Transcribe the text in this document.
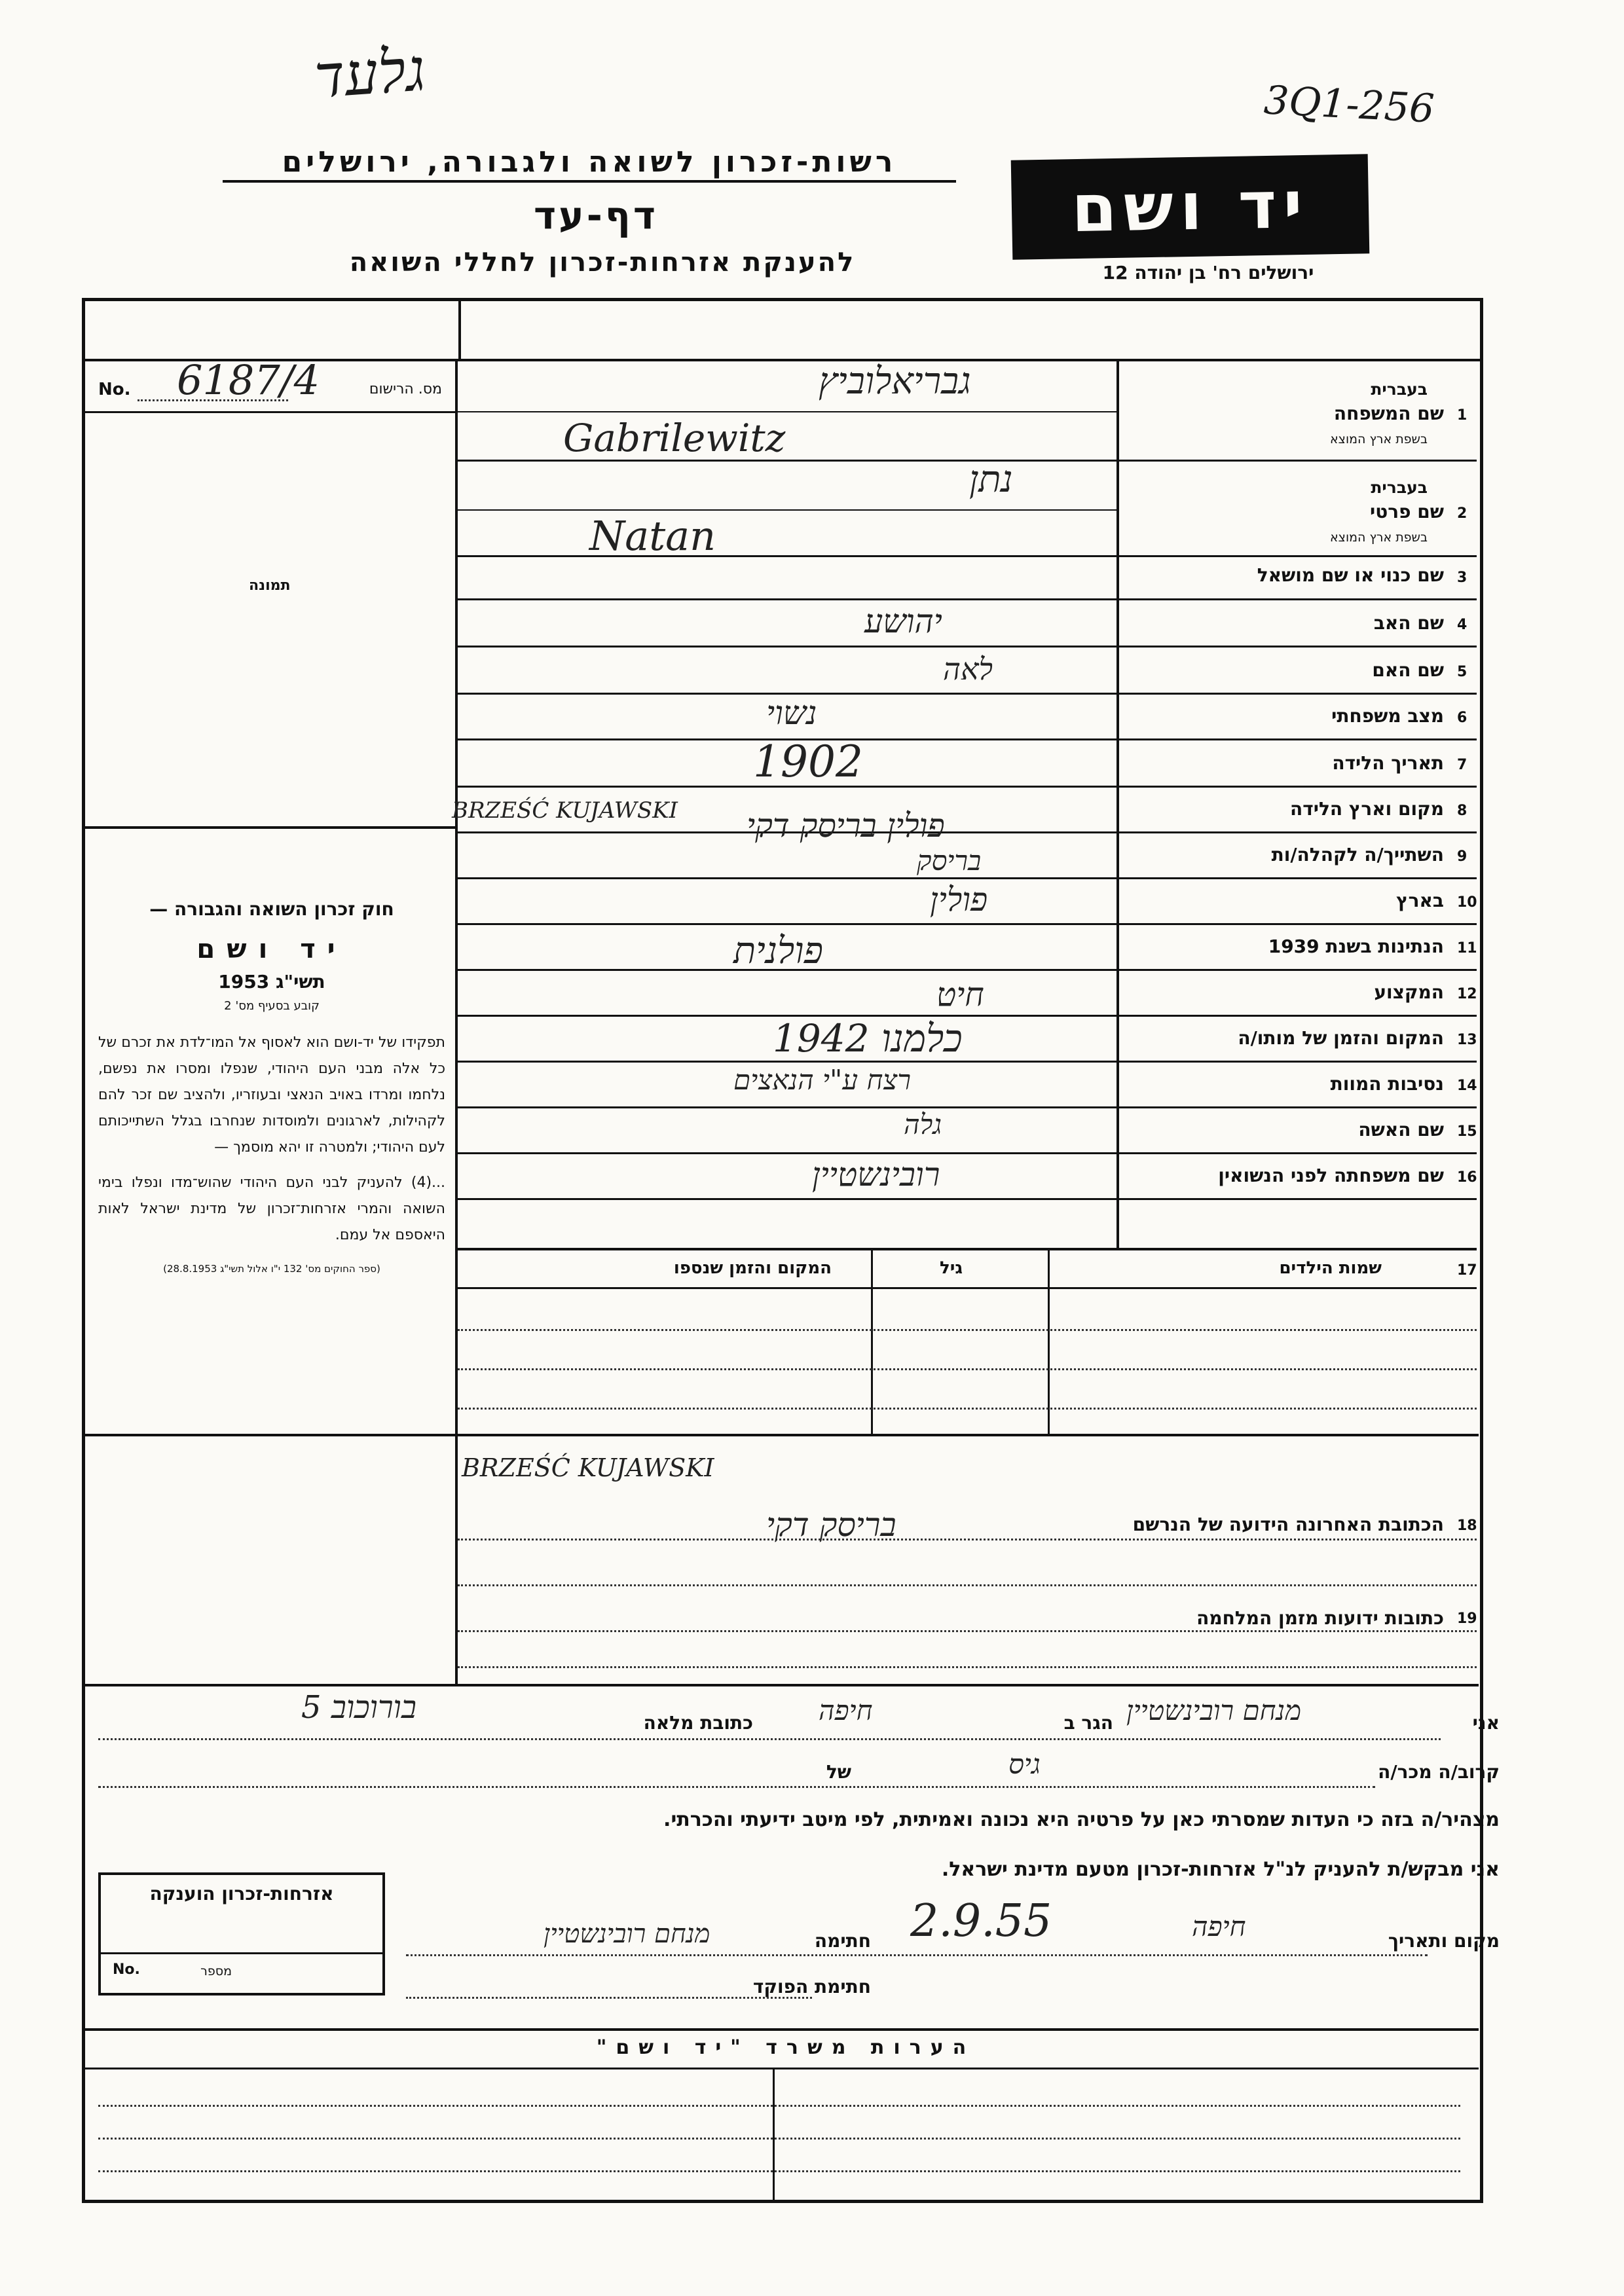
גלעד	3Q1-256
רשות-זכרון לשואה ולגבורה, ירושלים
דף-עד
להענקת אזרחות-זכרון לחללי השואה
יד ושם
ירושלים רח' בן יהודה 12
No.	מס. הרישום
6187/4
תמונה
חוק זכרון השואה והגבורה —
יד ושם
תשי"ג 1953
קובע בסעיף מס' 2
תפקידו של יד-ושם הוא לאסוף אל המו־לדת את זכרם של כל אלה מבני העם היהודי, שנפלו ומסרו את נפשם, נלחמו ומרדו באויב הנאצי ובעוזריו, ולהציב שם זכר להם לקהילות, לארגונים ולמוסדות שנחרבו בגלל השתייכותם לעם היהודי; ולמטרה זו יהא מוסמך —
...(4) להעניק לבני העם היהודי שהוש־מדו ונפלו בימי השואה והמרי אזרחות־זכרון של מדינת ישראל לאות היאספם אל עמם.
(ספר החוקים מס' 132 י"ו אלול תשי"ג 28.8.1953)
1
שם המשפחה
בעברית
בשפת ארץ המוצא
גבריאלוביץ
Gabrilewitz
2
שם פרטי
בעברית
בשפת ארץ המוצא
נתן
Natan
3
שם כנוי או שם מושאל
4
שם האב
יהושע
5
שם האם
לאה
6
מצב משפחתי
נשוי
7
תאריך הלידה
1902
8
מקום וארץ הלידה
BRZEŚĆ KUJAWSKI פולין בריסק דקי
9
השתייך/ה לקהלה/ות
בריסק
10
בארץ
פולין
11
הנתינות בשנת 1939
פולנית
12
המקצוע
חיט
13
המקום והזמן של מותו/ה
כלמנו 1942
14
נסיבות המוות
רצח ע"י הנאצים
15
שם האשה
גלה
16
שם משפחתה לפני הנשואין
רובינשטיין
17
שמות הילדים
גיל
המקום והזמן שנספו
18
הכתובת האחרונה הידועה של הנרשם
BRZEŚĆ KUJAWSKI
בריסק דקי
19
כתובות ידועות מזמן המלחמה
אני
מנחם רובינשטיין
הגר ב
חיפה
כתובת מלאה
בורוכוב 5
קרוב/ה מכר/ה
גיס
של
מצהיר/ה בזה כי העדות שמסרתי כאן על פרטיה היא נכונה ואמיתית, לפי מיטב ידיעתי והכרתי.
אני מבקש/ת להעניק לנ"ל אזרחות-זכרון מטעם מדינת ישראל.
מקום ותאריך
חיפה
2.9.55
חתימה
מנחם רובינשטיין
חתימת הפוקד
אזרחות-זכרון הוענקה
No.	מספר
הערות משרד "יד ושם"
